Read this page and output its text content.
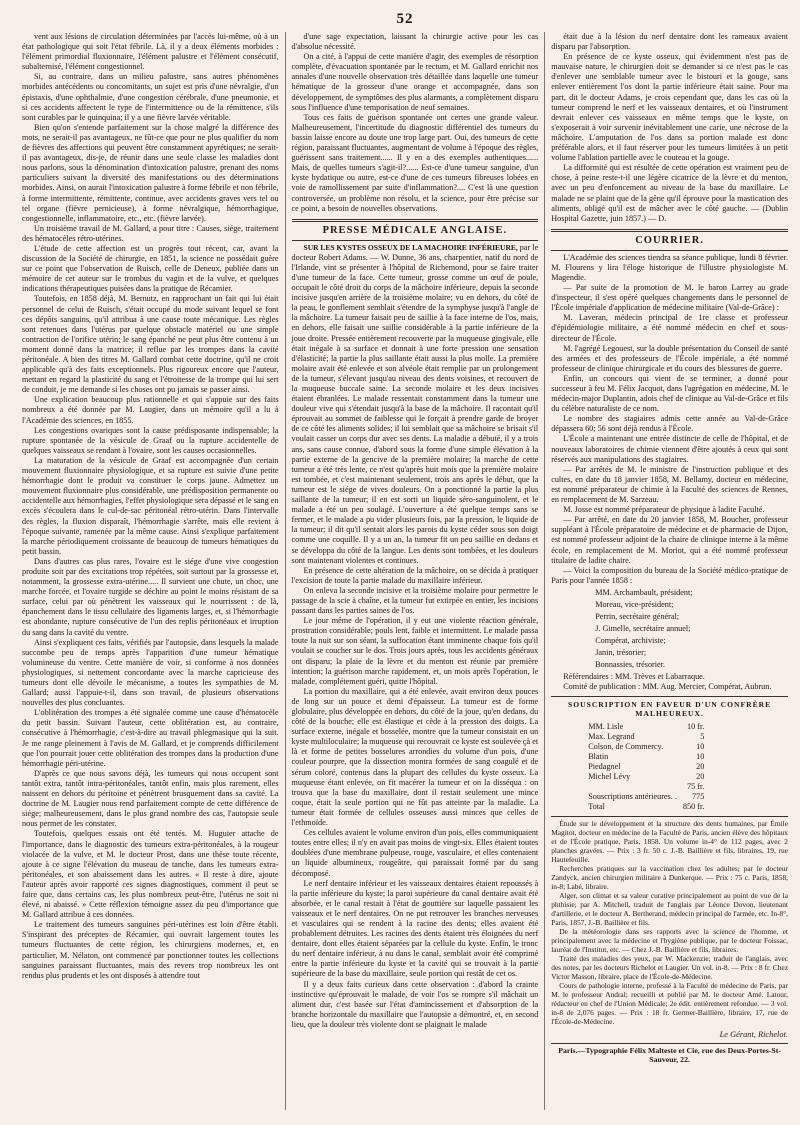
52

vent aux lésions de circulation déterminées par l'accès lui-même, où à un état pathologique qui soit l'état fébrile. Là, il y a deux éléments morbides : l'élément primordial fluxionnaire, l'élément palustre et l'élément consécutif, subalternisé, l'élément congestionnel.

Si, au contraire, dans un milieu palustre, sans autres phénomènes morbides antécédents ou concomitants, un sujet est pris d'une névralgie, d'un épistaxis, d'une ophthalmie, d'une congestion cérébrale, d'une pneumonie, et si ces accidents affectent le type de l'intermittence ou de la rémittence, s'ils sont curables par le quinquina; il y a une fièvre larvée véritable.

Bien qu'on s'entende parfaitement sur la chose malgré la différence des mots, ne serait-il pas avantageux, ne fût-ce que pour ne plus qualifier du nom de fièvres des affections qui peuvent être constamment apyrétiques; ne serait-il pas avantageux, dis-je, de réunir dans une seule classe les maladies dont nous parlons, sous la dénomination d'intoxication palustre, prenant des noms particuliers suivant la diversité des manifestations ou des déterminations morbides. Ainsi, on aurait l'intoxication palustre à forme fébrile et non fébrile, à forme intermittente, rémittente, continue, avec accidents graves vers tel ou tel organe (fièvre pernicieuse), à forme névralgique, hémorrhagique, congestionnelle, inflammatoire, etc., etc. (fièvre larvée).

Un troisième travail de M. Gallard, a pour titre : Causes, siége, traitement des hématocèles rétro-utérines.

L'étude de cette affection est un progrès tout récent, car, avant la discussion de la Société de chirurgie, en 1851, la science ne possédait guère sur ce point que l'observation de Ruisch, celle de Deneux, publiée dans un mémoire de cet auteur sur le trombus du vagin et de la vulve, et quelques indications thérapeutiques puisées dans la pratique de Récamier.

Toutefois, en 1858 déjà, M. Bernutz, en rapprochant un fait qui lui était personnel de celui de Ruisch, s'était occupé du mode suivant lequel se font ces dépôts sanguins, qu'il attribua à une cause toute mécanique. Les règles sont retenues dans l'utérus par quelque obstacle matériel ou une simple contraction de l'orifice utérin; le sang épanché ne peut plus être contenu à un moment donné dans la matrice; il reflue par les trompes dans la cavité péritonéale. A bien des titres M. Gallard combat cette doctrine, qu'il ne croit applicable qu'à des faits exceptionnels. Plus rigoureux encore que l'auteur, mettant en regard la plasticité du sang et l'étroitesse de la trompe qui lui sert de conduit, je me demande si les choses ont pu jamais se passer ainsi.

Une explication beaucoup plus rationnelle et qui s'appuie sur des faits nombreux a été donnée par M. Laugier, dans un mémoire qu'il a lu à l'Académie des sciences, en 1855.

Les congestions ovariques sont la cause prédisposante indispensable; la rupture spontanée de la vésicule de Graaf ou la rupture accidentelle de quelques vaisseaux se rendant à l'ovaire, sont les causes occasionnelles.

La maturation de la vésicule de Graaf est accompagnée d'un certain mouvement fluxionnaire physiologique, et sa rupture est suivie d'une petite hémorrhagie dont le produit va constituer le corps jaune. Admettez un mouvement fluxionnaire plus considérable, une prédisposition permanente ou accidentelle aux hémorrhagies, l'effet physiologique sera dépassé et le sang en excès s'écoulera dans le cul-de-sac péritonéal rétro-utérin. Dans l'intervalle des règles, la fluxion disparaît, l'hémorrhagie s'arrête, mais elle revient à l'époque suivante, ramenée par la même cause. Ainsi s'explique parfaitement la marche périodiquement croissante de beaucoup de tumeurs hématiques du petit bassin.

Dans d'autres cas plus rares, l'ovaire est le siége d'une vive congestion produite soit par des excitations trop répétées, soit surtout par la grossesse et, notamment, la grossesse extra-utérine..... Il survient une chute, un choc, une marche forcée, et l'ovaire turgide se déchire au point le moins résistant de sa surface, celui par où pénètrent les vaisseaux qui le nourrissent : de là, épanchement dans le tissu cellulaire des ligaments larges, et, si l'hémorrhagie est abondante, rupture consécutive de l'un des replis péritonéaux et irruption du sang dans la cavité du ventre.

Ainsi s'expliquent ces faits, vérifiés par l'autopsie, dans lesquels la malade succombe peu de temps après l'apparition d'une tumeur hématique volumineuse du ventre. Cette manière de voir, si conforme à nos données physiologiques, si nettement concordante avec la marche capricieuse des tumeurs dont elle dévoile le mécanisme, a toutes les sympathies de M. Gallard; aussi l'appuie-t-il, dans son travail, de plusieurs observations nouvelles des plus concluantes.

L'oblitération des trompes a été signalée comme une cause d'hématocèle du petit bassin. Suivant l'auteur, cette oblitération est, au contraire, consécutive à l'hémorrhagie, c'est-à-dire au travail phlegmasique qui la suit. Je me range pleinement à l'avis de M. Gallard, et je comprends difficilement que l'on pourrait jouer cette oblitération des trompes dans la production d'une hémorrhagie péri-utérine.

D'après ce que nous savons déjà, les tumeurs qui nous occupent sont tantôt extra, tantôt intra-péritonéales, tantôt enfin, mais plus rarement, elles naissent en dehors du péritoine et pénètrent brusquement dans sa cavité. La doctrine de M. Laugier nous rend parfaitement compte de cette différence de siége; malheureusement, dans le plus grand nombre des cas, l'autopsie seule nous permet de les constater.

Toutefois, quelques essais ont été tentés. M. Huguier attache de l'importance, dans le diagnostic des tumeurs extra-péritonéales, à la rougeur violacée de la vulve, et M. le docteur Prost, dans une thèse toute récente, ajoute à ce signe l'élévation du museau de tanche, dans les tumeurs extra-péritonéales, et son abaissement dans les autres. « Il reste à dire, ajoute l'auteur après avoir rapporté ces signes diagnostiques, comment il peut se faire que, dans certains cas, les plus nombreux peut-être, l'utérus ne soit ni élevé, ni abaissé. » Cette réflexion témoigne assez du peu d'importance que M. Gallard attribue à ces données.

Le traitement des tumeurs sanguines péri-utérines est loin d'être établi. S'inspirant des préceptes de Récamier, qui ouvrait largement toutes les tumeurs fluctuantes de cette région, les chirurgiens modernes, et, en particulier, M. Nélaton, ont commencé par ponctionner toutes les collections sanguines paraissant fluctuantes, mais des revers trop nombreux les ont rendus plus prudents et les ont disposés à attendre tout

d'une sage expectation, laissant la chirurgie active pour les cas d'absolue nécessité.

On a cité, à l'appui de cette manière d'agir, des exemples de résorption complète, d'évacuation spontanée par le rectum, et M. Gallard enrichit nos annales d'une nouvelle observation très détaillée dans laquelle une tumeur hématique de la grosseur d'une orange et accompagnée, dans son développement, de symptômes des plus alarmants, a complètement disparu sous l'influence d'une temporisation de neuf semaines.

Tous ces faits de guérison spontanée ont certes une grande valeur. Malheureusement, l'incertitude du diagnostic différentiel des tumeurs du bassin laisse encore au doute une trop large part. Oui, des tumeurs de cette région, paraissant fluctuantes, augmentant de volume à l'époque des règles, guérissent sans traitement...... Il y en a des exemples authentiques...... Mais, de quelles tumeurs s'agit-il?...... Est-ce d'une tumeur sanguine, d'un kyste hydatique ou autre, est-ce d'une de ces tumeurs fibreuses lobées en voie de ramollissement par suite d'inflammation?.... C'est là une question controversée, un problème non résolu, et la science, pour être précise sur ce point, a besoin de nouvelles observations.

PRESSE MÉDICALE ANGLAISE.

SUR LES KYSTES OSSEUX DE LA MACHOIRE INFÉRIEURE, par le docteur Robert Adams. — W. Dunne, 36 ans, charpentier, natif du nord de l'Irlande, vint se présenter à l'hôpital de Richemond, pour se faire traiter d'une tumeur de la face. Cette tumeur, grosse comme un œuf de poule, occupait le côté droit du corps de la mâchoire inférieure, depuis la seconde incisive jusqu'en arrière de la troisième molaire; vu en dehors, du côté de la peau, le gonflement semblait s'étendre de la symphyse jusqu'à l'angle de la mâchoire. La tumeur faisait peu de saillie à la face interne de l'os, mais, en dehors, elle faisait une saillie considérable à la partie inférieure de la joue droite. Pressée entièrement recouverte par la muqueuse gingivale, elle était inégale à sa surface et donnait à une forte pression une sensation d'élasticité; la partie la plus saillante était aussi la plus molle. La première molaire avait été enlevée et son alvéole était remplie par un prolongement de la tumeur, s'élevant jusqu'au niveau des dents voisines, et recouvert de la muqueuse buccale saine. La seconde molaire et les deux incisives étaient ébranlées. Le malade ressentait constamment dans la tumeur une douleur vive qui s'étendait jusqu'à la base de la mâchoire. Il racontait qu'il éprouvait au sommet de faiblesse qui le forçait à prendre garde de broyer de ce côté les aliments solides; il lui semblait que sa mâchoire se brisait s'il voulait casser un corps dur avec ses dents. La maladie a débuté, il y a trois ans, sans cause connue, d'abord sous la forme d'une simple élévation à la partie externe de la gencive de la première molaire; la marche de cette tumeur a été très lente, ce n'est qu'après huit mois que la première molaire est tombée, et c'est maintenant seulement, trois ans après le début, que la tumeur est le siége de vives douleurs. On a ponctionné la partie la plus saillante de la tumeur; il en est sorti un liquide séro-sanguinolent, et le malade a été un peu soulagé. L'ouverture a été quelque temps sans se fermer, et le malade a pu vider plusieurs fois, par la pression, le liquide de la tumeur; il dit qu'il sentait alors les parois du kyste céder sous son doigt comme une coquille. Il y a un an, la tumeur fit un peu saillie en dedans et se développa du côté de la langue. Les dents sont tombées, et les douleurs sont maintenant violentes et continues.

En présence de cette altération de la mâchoire, on se décida à pratiquer l'excision de toute la partie malade du maxillaire inférieur.

On enleva la seconde incisive et la troisième molaire pour permettre le passage de la scie à chaîne, et la tumeur fut extirpée en entier, les incisions passant dans les parties saines de l'os.

Le jour même de l'opération, il y eut une violente réaction générale, prostration considérable; pouls lent, faible et intermittent. Le malade passa toute la nuit sur son séant, la suffocation étant imminente chaque fois qu'il voulait se coucher sur le dos. Trois jours après, tous les accidents généraux ont disparu; la plaie de la lèvre et du menton est réunie par première intention; la guérison marche rapidement, et, un mois après l'opération, le malade, complétement guéri, quitte l'hôpital.

La portion du maxillaire, qui a été enlevée, avait environ deux pouces de long sur un pouce et demi d'épaisseur. La tumeur est de forme globulaire, plus développée en dehors, du côté de la joue, qu'en dedans, du côté de la bouche; elle est élastique et cède à la pression des doigts. La surface externe, inégale et bosselée, montre que la tumeur consistait en un kyste multiloculaire; la muqueuse qui recouvrait ce kyste est soulevée çà et là et forme de petites bosselures arrondies du volume d'un pois, d'une couleur pourpre, que la dissection montra formées de sang coagulé et de sérum coloré, contenus dans la plupart des cellules du kyste osseux. La muqueuse étant enlevée, on fit macérer la tumeur et on la disséqua : on trouva que la base du maxillaire, dont il restait seulement une mince coque, était la seule portion qui ne fût pas atteinte par la maladie. La tumeur était formée de cellules osseuses aussi minces que celles de l'ethmoïde.

Ces cellules avaient le volume environ d'un pois, elles communiquaient toutes entre elles; il n'y en avait pas moins de vingt-six. Elles étaient toutes doublées d'une membrane pulpeuse, rouge, vasculaire, et elles contenaient un liquide albumineux, rougeâtre, qui paraissait formé par du sang décomposé.

Le nerf dentaire inférieur et les vaisseaux dentaires étaient repoussés à la partie inférieure du kyste; la paroi supérieure du canal dentaire avait été absorbée, et le canal restait à l'état de gouttière sur laquelle passaient les vaisseaux et le nerf dentaires. On ne put retrouver les branches nerveuses et vasculaires qui se rendent à la racine des dents; elles avaient été probablement détruites. Les racines des dents étaient très éloignées du nerf dentaire, dont elles étaient séparées par la cellule du kyste. Enfin, le tronc du nerf dentaire inférieur, à nu dans le canal, semblait avoir été comprimé entre la partie inférieure du kyste et la cavité qui se trouvait à la partie supérieure de la base du maxillaire, seule portion qui restât de cet os.

Il y a deux faits curieux dans cette observation : d'abord la crainte instinctive qu'éprouvait le malade, de voir l'os se rompre s'il mâchait un aliment dur, c'est basée sur l'état d'amincissement et d'absorption de la branche horizontale du maxillaire que l'autopsie a démontré, et, en second lieu, que la douleur très violente dont se plaignait le malade

était due à la lésion du nerf dentaire dont les rameaux avaient disparu par l'absorption.

En présence de ce kyste osseux, qui évidemment n'est pas de mauvaise nature, le chirurgien doit se demander si ce n'est pas le cas d'enlever une semblable tumeur avec le bistouri et la gouge, sans enlever entièrement l'os dont la partie inférieure était saine. Pour ma part, dit le docteur Adams, je crois cependant que, dans les cas où la tumeur comprend le nerf et les vaisseaux dentaires, et où l'instrument devrait enlever ces vaisseaux en même temps que le kyste, on s'exposerait à voir survenir inévitablement une carie, une nécrose de la mâchoire. L'amputation de l'os dans sa portion malade est donc préférable alors, et il faut réserver pour les tumeurs limitées à un petit volume l'ablation partielle avec le couteau et la gouge.

La difformité qui est résultée de cette opération est vraiment peu de chose, à peine reste-t-il une légère cicatrice de la lèvre et du menton, avec un peu d'enfoncement au niveau de la base du maxillaire. Le malade ne se plaint que de la gêne qu'il éprouve pour la mastication des aliments, obligé qu'il est de mâcher avec le côté gauche. — (Dublin Hospital Gazette, juin 1857.) — D.

COURRIER.

L'Académie des sciences tiendra sa séance publique, lundi 8 février. M. Flourens y lira l'éloge historique de l'illustre physiologiste M. Magendie.

— Par suite de la promotion de M. le baron Larrey au grade d'inspecteur, il s'est opéré quelques changements dans le personnel de l'École impériale d'application de médecine militaire (Val-de-Grâce) :

M. Laveran, médecin principal de 1re classe et professeur d'épidémiologie militaire, a été nommé médecin en chef et sous-directeur de l'École.

M. l'agrégé Legouest, sur la double présentation du Conseil de santé des armées et des professeurs de l'École impériale, a été nommé professeur de clinique chirurgicale et du cours des blessures de guerre.

Enfin, un concours qui vient de se terminer, a donné pour successeur à feu M. Félix Jacquot, dans l'agrégation en médecine, M. le médecin-major Duplantin, adois chef de clinique au Val-de-Grâce et fils du célèbre naturaliste de ce nom.

Le nombre des stagiaires admis cette année au Val-de-Grâce dépassera 60; 56 sont déjà rendus à l'École.

L'École a maintenant une entrée distincte de celle de l'hôpital, et de nouveaux laboratoires de chimie viennent d'être ajoutés à ceux qui sont réservés aux manipulations des stagiaires.

— Par arrêtés de M. le ministre de l'instruction publique et des cultes, en date du 18 janvier 1858, M. Bellamy, docteur en médecine, est nommé préparateur de chimie à la Faculté des sciences de Rennes, en remplacement de M. Sarzeau.

M. Josse est nommé préparateur de physique à ladite Faculté.

— Par arrêté, en date du 20 janvier 1858, M. Boucher, professeur suppléant à l'École préparatoire de médecine et de pharmacie de Dijon, est nommé professeur adjoint de la chaire de clinique interne à la même école, en remplacement de M. Moriot, qui a été nommé professeur titulaire de ladite chaire.

— Voici la composition du bureau de la Société médico-pratique de Paris pour l'année 1858 :

MM. Archambault, président;
Moreau, vice-président;
Perrin, secrétaire général;
J. Gimelle, secrétaire annuel;
Compérat, archiviste;
Janin, trésorier;
Bonnassies, trésorier.

Référendaires : MM. Trèves et Labarraque.

Comité de publication : MM. Aug. Mercier, Compérat, Aubrun.

SOUSCRIPTION EN FAVEUR D'UN CONFRÈRE MALHEUREUX.
MM. Lisle	10 fr.
Max. Legrand	5
Colson, de Commercy.	10
Blatin	10
Piedagnel	20
Michel Lévy	20
	75 fr.
Souscriptions antérieures. .	775
Total	850 fr.

Étude sur le développement et la structure des dents humaines, par Émile Magitot, docteur en médecine de la Faculté de Paris, ancien élève des hôpitaux et de l'École pratique, Paris, 1858. Un volume in-4° de 112 pages, avec 2 planches gravées. — Prix : 3 fr. 50 c. J.-B. Baillière et fils, libraires, 19, rue Hautefeuille.

Recherches pratiques sur la vaccination chez les adultes; par le docteur Zandyck, ancien chirurgien militaire à Dunkerque. — Prix : 75 c. Paris, 1858, in-8; Labé, libraire.

Alger, son climat et sa valeur curative principalement au point de vue de la phthisie; par A. Mitchell, traduit de l'anglais par Léonce Dovon, lieutenant d'artillerie, et le docteur A. Bertherand, médecin principal de l'armée, etc. In-8°, Paris, 1857, J.-B. Baillière et fils.

De la météorologie dans ses rapports avec la science de l'homme, et principalement avec la médecine et l'hygiène publique, par le docteur Foissac, lauréat de l'Institut, etc. — Chez J.-B. Baillière et fils, libraires.

Traité des maladies des yeux, par W. Mackenzie; traduit de l'anglais, avec des notes, par les docteurs Richelot et Laugier. Un vol. in-8. — Prix : 8 fr. Chez Victor Masson, libraire, place de l'École-de-Médecine.

Cours de pathologie interne, professé à la Faculté de médecine de Paris, par M. le professeur Andral; recueilli et publié par M. le docteur Amé. Latour, rédacteur en chef de l'Union Médicale; 2e édit. entièrement refondue. — 3 vol. in-8 de 2,076 pages. — Prix : 18 fr. Germer-Baillière, libraire, 17, rue de l'École-de-Médecine.

Le Gérant, Richelot.
Paris.—Typographie Félix Malteste et Cie, rue des Deux-Portes-St-Sauveur, 22.
